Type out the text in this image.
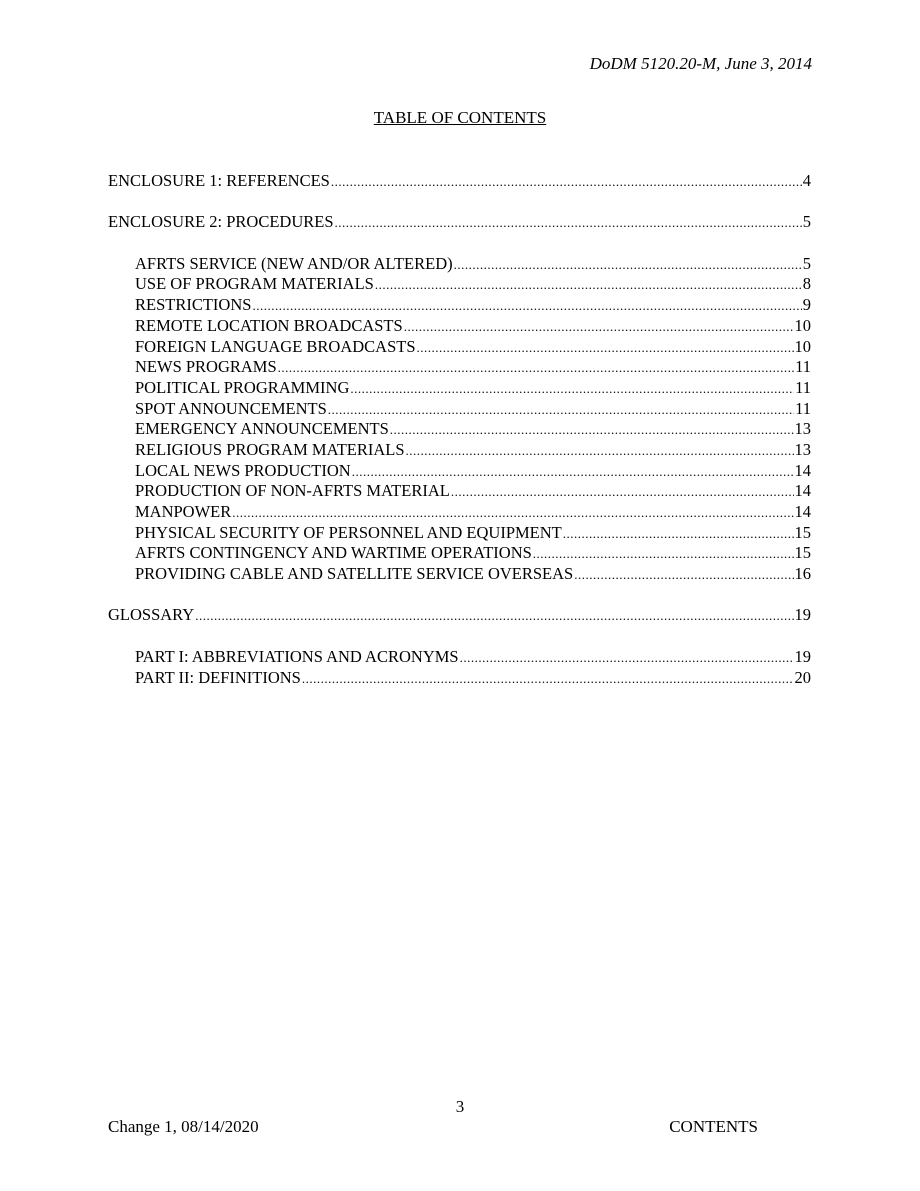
DoDM 5120.20-M, June 3, 2014
TABLE OF CONTENTS
ENCLOSURE 1: REFERENCES .....	4
ENCLOSURE 2: PROCEDURES .....	5
AFRTS SERVICE (NEW AND/OR ALTERED) .....	5
USE OF PROGRAM MATERIALS .....	8
RESTRICTIONS .....	9
REMOTE LOCATION BROADCASTS .....	10
FOREIGN LANGUAGE BROADCASTS .....	10
NEWS PROGRAMS .....	11
POLITICAL PROGRAMMING .....	11
SPOT ANNOUNCEMENTS .....	11
EMERGENCY ANNOUNCEMENTS .....	13
RELIGIOUS PROGRAM MATERIALS .....	13
LOCAL NEWS PRODUCTION .....	14
PRODUCTION OF NON-AFRTS MATERIAL .....	14
MANPOWER .....	14
PHYSICAL SECURITY OF PERSONNEL AND EQUIPMENT .....	15
AFRTS CONTINGENCY AND WARTIME OPERATIONS .....	15
PROVIDING CABLE AND SATELLITE SERVICE OVERSEAS .....	16
GLOSSARY .....	19
PART I: ABBREVIATIONS AND ACRONYMS .....	19
PART II: DEFINITIONS .....	20
3
Change 1, 08/14/2020	CONTENTS
